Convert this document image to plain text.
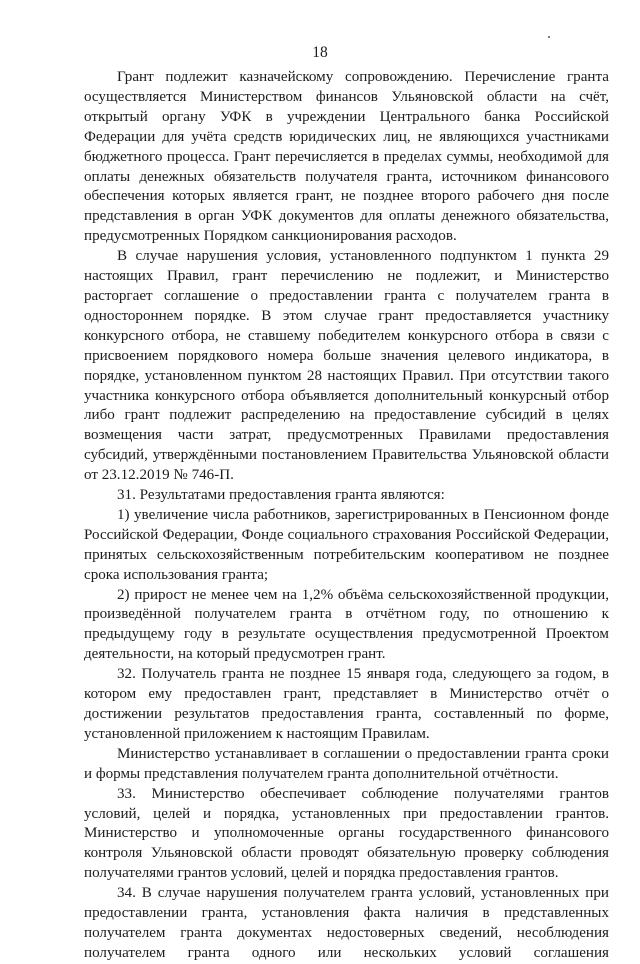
18

Грант подлежит казначейскому сопровождению. Перечисление гранта осуществляется Министерством финансов Ульяновской области на счёт, открытый органу УФК в учреждении Центрального банка Российской Федерации для учёта средств юридических лиц, не являющихся участниками бюджетного процесса. Грант перечисляется в пределах суммы, необходимой для оплаты денежных обязательств получателя гранта, источником финансового обеспечения которых является грант, не позднее второго рабочего дня после представления в орган УФК документов для оплаты денежного обязательства, предусмотренных Порядком санкционирования расходов.

В случае нарушения условия, установленного подпунктом 1 пункта 29 настоящих Правил, грант перечислению не подлежит, и Министерство расторгает соглашение о предоставлении гранта с получателем гранта в одностороннем порядке. В этом случае грант предоставляется участнику конкурсного отбора, не ставшему победителем конкурсного отбора в связи с присвоением порядкового номера больше значения целевого индикатора, в порядке, установленном пунктом 28 настоящих Правил. При отсутствии такого участника конкурсного отбора объявляется дополнительный конкурсный отбор либо грант подлежит распределению на предоставление субсидий в целях возмещения части затрат, предусмотренных Правилами предоставления субсидий, утверждёнными постановлением Правительства Ульяновской области от 23.12.2019 № 746-П.

31. Результатами предоставления гранта являются:

1) увеличение числа работников, зарегистрированных в Пенсионном фонде Российской Федерации, Фонде социального страхования Российской Федерации, принятых сельскохозяйственным потребительским кооперативом не позднее срока использования гранта;

2) прирост не менее чем на 1,2% объёма сельскохозяйственной продукции, произведённой получателем гранта в отчётном году, по отношению к предыдущему году в результате осуществления предусмотренной Проектом деятельности, на который предусмотрен грант.

32. Получатель гранта не позднее 15 января года, следующего за годом, в котором ему предоставлен грант, представляет в Министерство отчёт о достижении результатов предоставления гранта, составленный по форме, установленной приложением к настоящим Правилам.

Министерство устанавливает в соглашении о предоставлении гранта сроки и формы представления получателем гранта дополнительной отчётности.

33. Министерство обеспечивает соблюдение получателями грантов условий, целей и порядка, установленных при предоставлении грантов. Министерство и уполномоченные органы государственного финансового контроля Ульяновской области проводят обязательную проверку соблюдения получателями грантов условий, целей и порядка предоставления грантов.

34. В случае нарушения получателем гранта условий, установленных при предоставлении гранта, установления факта наличия в представленных получателем гранта документах недостоверных сведений, несоблюдения получателем гранта одного или нескольких условий соглашения
